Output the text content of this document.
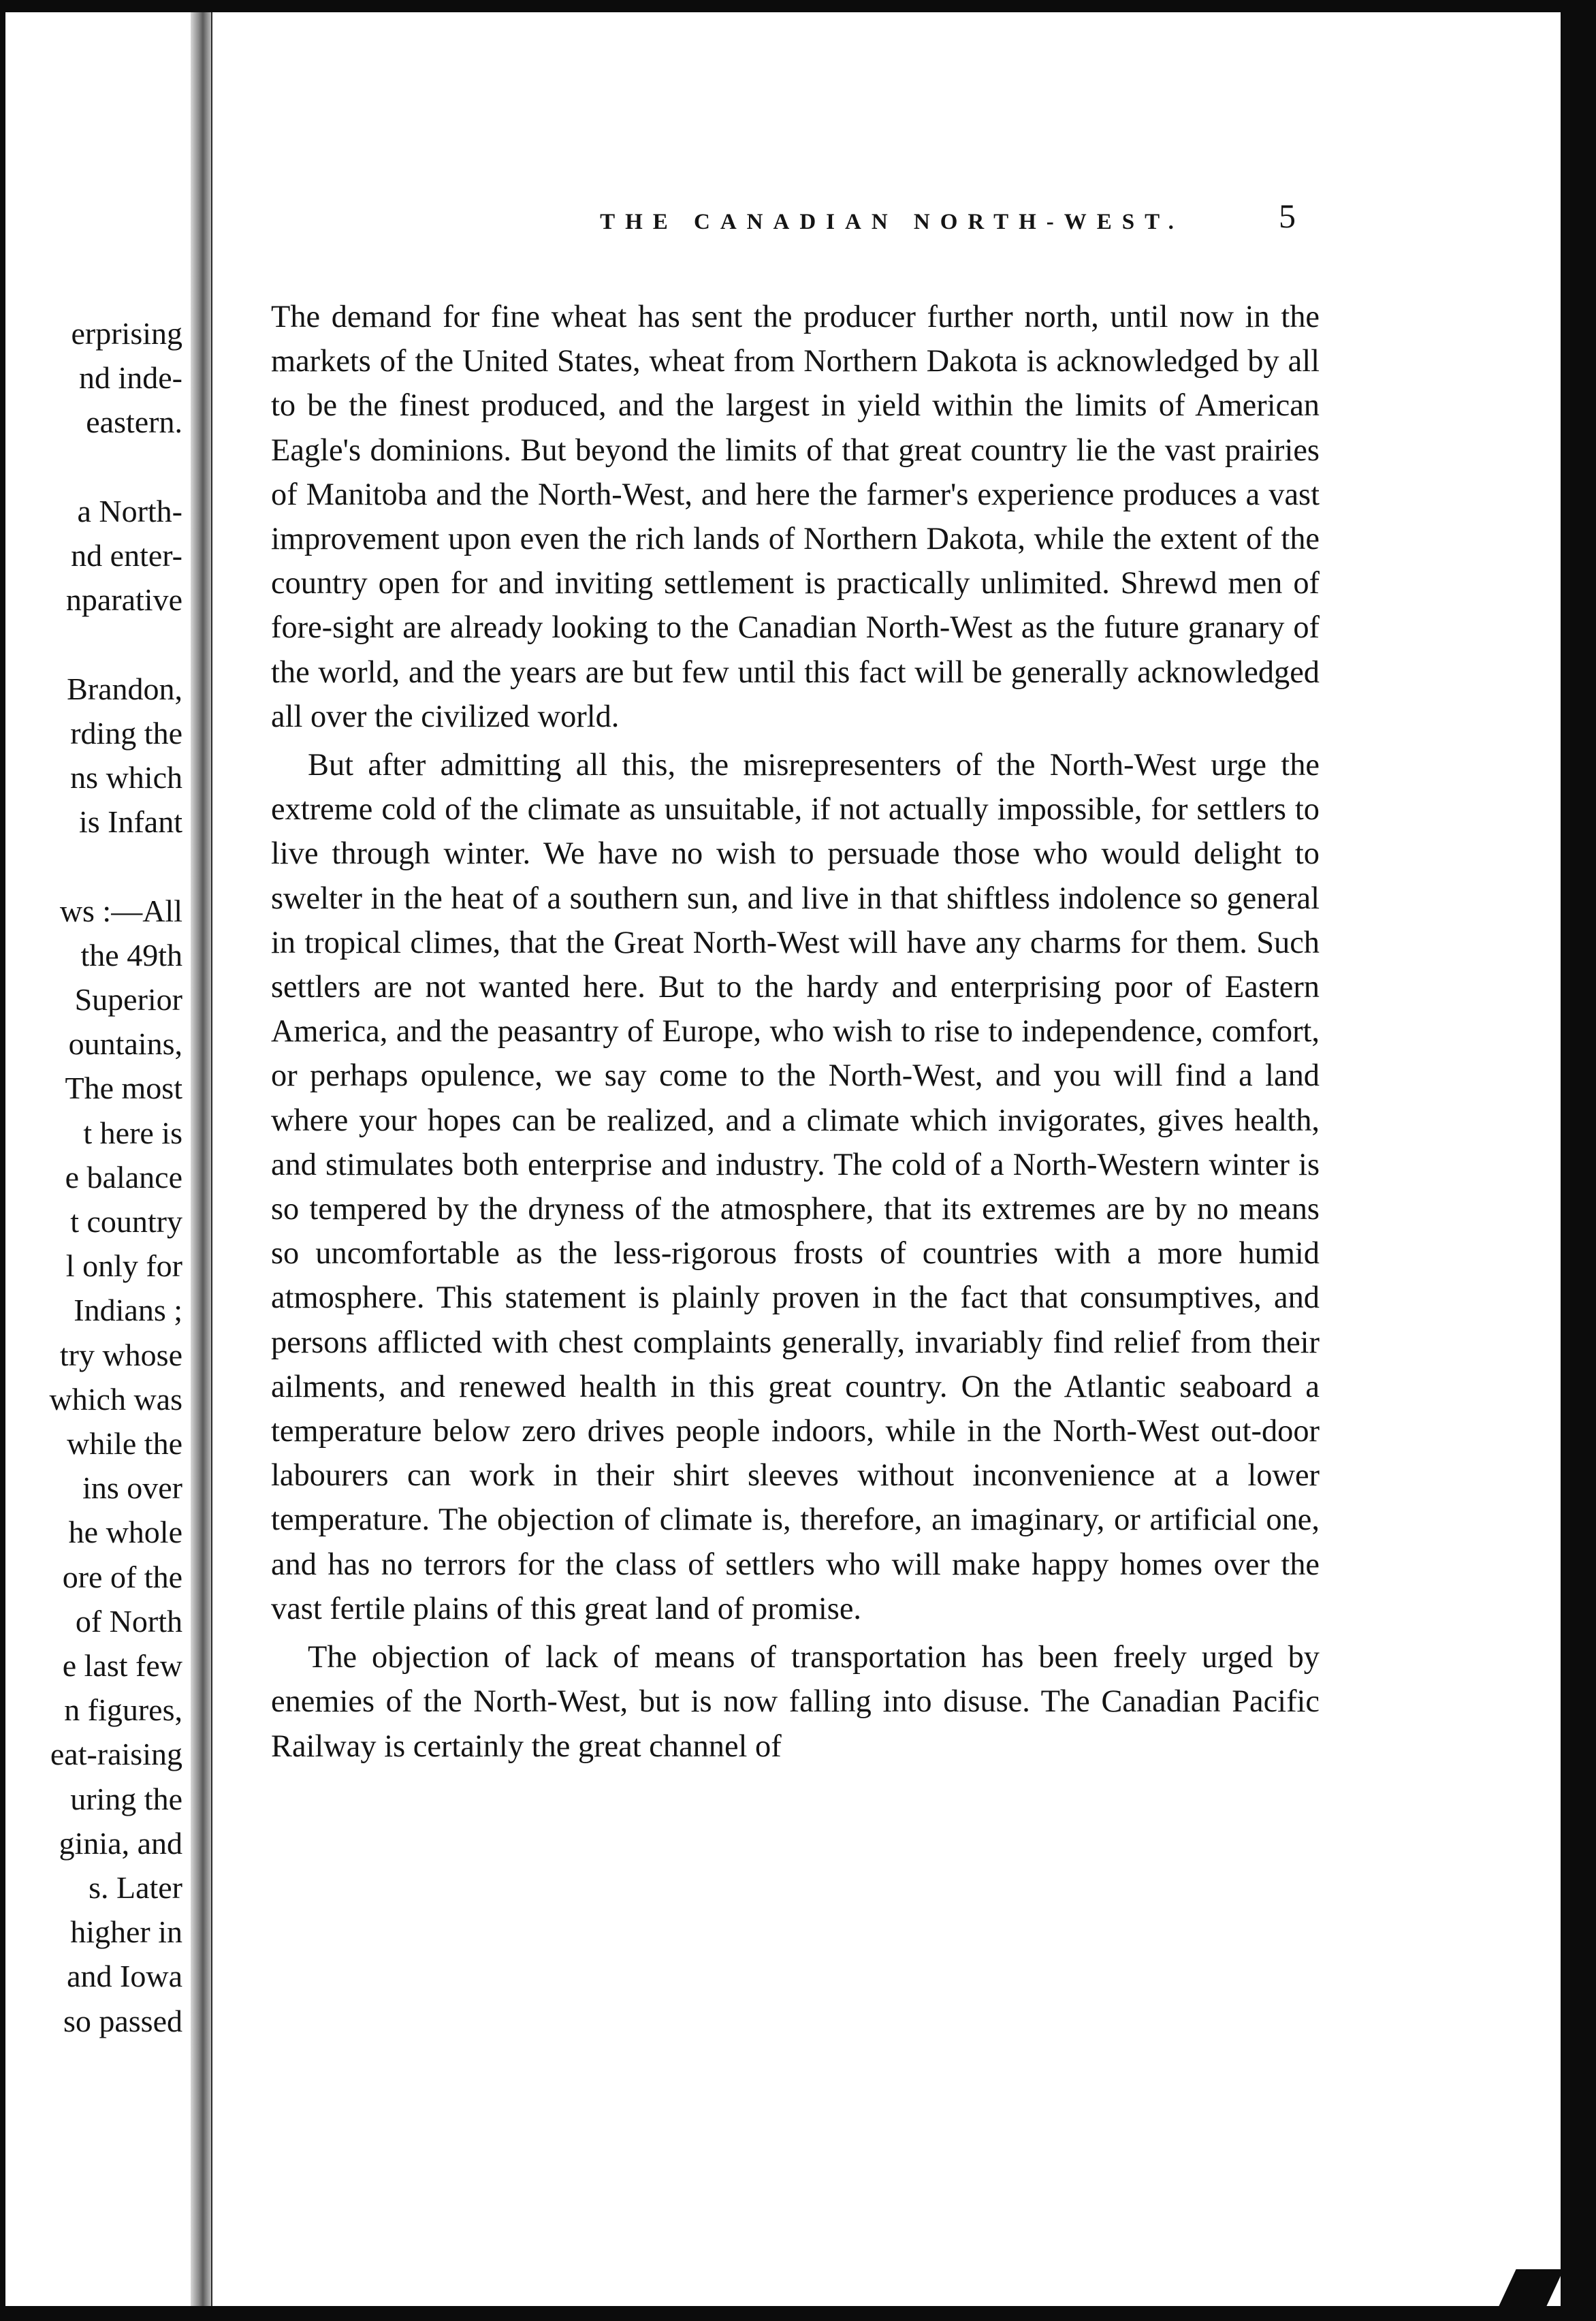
erprising
nd inde-
eastern.
a North-
nd enter-
nparative
Brandon,
rding the
ns which
is Infant
ws :—All
the 49th
Superior
ountains,
The most
t here is
e balance
t country
l only for
Indians ;
try whose
which was
while the
ins over
he whole
ore of the
of North
e last few
n figures,
eat-raising
uring the
ginia, and
s. Later
higher in
and Iowa
so passed
THE CANADIAN NORTH-WEST.	5

The demand for fine wheat has sent the producer further north, until now in the markets of the United States, wheat from Northern Dakota is acknowledged by all to be the finest produced, and the largest in yield within the limits of American Eagle's dominions. But beyond the limits of that great country lie the vast prairies of Manitoba and the North-West, and here the farmer's experience produces a vast improvement upon even the rich lands of Northern Dakota, while the extent of the country open for and inviting settlement is practically unlimited. Shrewd men of fore-sight are already looking to the Canadian North-West as the future granary of the world, and the years are but few until this fact will be generally acknowledged all over the civilized world.

But after admitting all this, the misrepresenters of the North-West urge the extreme cold of the climate as unsuitable, if not actually impossible, for settlers to live through winter. We have no wish to persuade those who would delight to swelter in the heat of a southern sun, and live in that shiftless indolence so general in tropical climes, that the Great North-West will have any charms for them. Such settlers are not wanted here. But to the hardy and enterprising poor of Eastern America, and the peasantry of Europe, who wish to rise to independence, comfort, or perhaps opulence, we say come to the North-West, and you will find a land where your hopes can be realized, and a climate which invigorates, gives health, and stimulates both enterprise and industry. The cold of a North-Western winter is so tempered by the dryness of the atmosphere, that its extremes are by no means so uncomfortable as the less-rigorous frosts of countries with a more humid atmosphere. This statement is plainly proven in the fact that consumptives, and persons afflicted with chest complaints generally, invariably find relief from their ailments, and renewed health in this great country. On the Atlantic seaboard a temperature below zero drives people indoors, while in the North-West out-door labourers can work in their shirt sleeves without inconvenience at a lower temperature. The objection of climate is, therefore, an imaginary, or artificial one, and has no terrors for the class of settlers who will make happy homes over the vast fertile plains of this great land of promise.

The objection of lack of means of transportation has been freely urged by enemies of the North-West, but is now falling into disuse. The Canadian Pacific Railway is certainly the great channel of
